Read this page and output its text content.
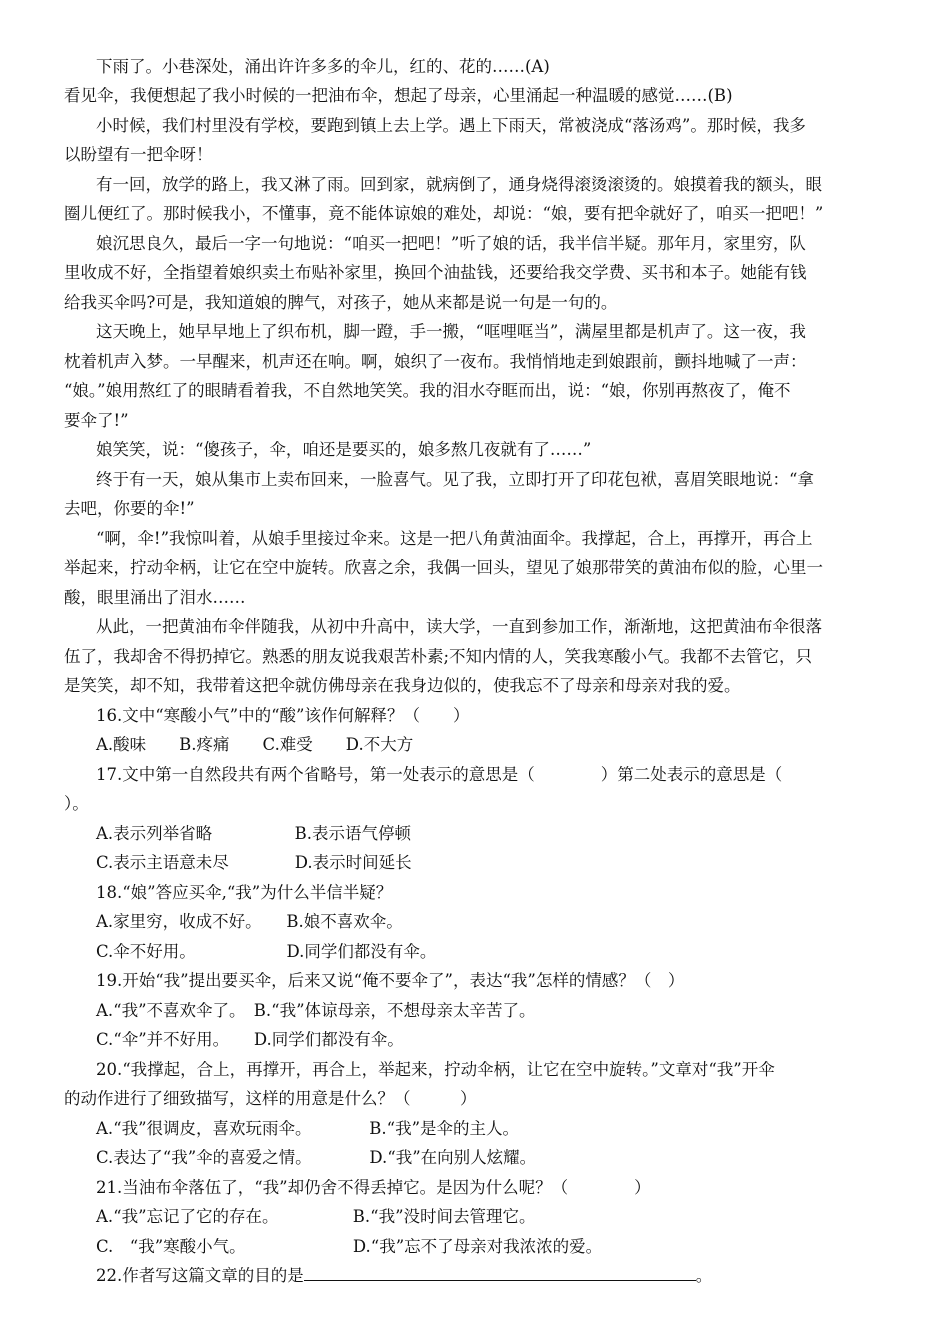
下雨了。小巷深处，涌出许许多多的伞儿，红的、花的……(A)
看见伞，我便想起了我小时候的一把油布伞，想起了母亲，心里涌起一种温暖的感觉……(B)
小时候，我们村里没有学校，要跑到镇上去上学。遇上下雨天，常被浇成“落汤鸡”。那时候，我多
以盼望有一把伞呀！
有一回，放学的路上，我又淋了雨。回到家，就病倒了，通身烧得滚烫滚烫的。娘摸着我的额头，眼
圈儿便红了。那时候我小，不懂事，竟不能体谅娘的难处，却说：“娘，要有把伞就好了，咱买一把吧！”
娘沉思良久，最后一字一句地说：“咱买一把吧！”听了娘的话，我半信半疑。那年月，家里穷，队
里收成不好，全指望着娘织卖土布贴补家里，换回个油盐钱，还要给我交学费、买书和本子。她能有钱
给我买伞吗?可是，我知道娘的脾气，对孩子，她从来都是说一句是一句的。
这天晚上，她早早地上了织布机，脚一蹬，手一搬，“哐哩哐当”，满屋里都是机声了。这一夜，我
枕着机声入梦。一早醒来，机声还在响。啊，娘织了一夜布。我悄悄地走到娘跟前，颤抖地喊了一声：
“娘。”娘用熬红了的眼睛看着我，不自然地笑笑。我的泪水夺眶而出，说：“娘，你别再熬夜了，俺不
要伞了!”
娘笑笑，说：“傻孩子，伞，咱还是要买的，娘多熬几夜就有了……”
终于有一天，娘从集市上卖布回来，一脸喜气。见了我，立即打开了印花包袱，喜眉笑眼地说：“拿
去吧，你要的伞!”
“啊，伞!”我惊叫着，从娘手里接过伞来。这是一把八角黄油面伞。我撑起，合上，再撑开，再合上
举起来，拧动伞柄，让它在空中旋转。欣喜之余，我偶一回头，望见了娘那带笑的黄油布似的脸，心里一
酸，眼里涌出了泪水……
从此，一把黄油布伞伴随我，从初中升高中，读大学，一直到参加工作，渐渐地，这把黄油布伞很落
伍了，我却舍不得扔掉它。熟悉的朋友说我艰苦朴素;不知内情的人，笑我寒酸小气。我都不去管它，只
是笑笑，却不知，我带着这把伞就仿佛母亲在我身边似的，使我忘不了母亲和母亲对我的爱。
16.文中“寒酸小气”中的“酸”该作何解释？（　　）
A.酸味　　B.疼痛　　C.难受　　D.不大方
17.文中第一自然段共有两个省略号，第一处表示的意思是（　　　　）第二处表示的意思是（
）。
A.表示列举省略　　　　　B.表示语气停顿
C.表示主语意未尽　　　　D.表示时间延长
18.“娘”答应买伞,“我”为什么半信半疑？
A.家里穷，收成不好。　　B.娘不喜欢伞。
C.伞不好用。　　　　　　D.同学们都没有伞。
19.开始“我”提出要买伞，后来又说“俺不要伞了”，表达“我”怎样的情感？（　）
A.“我”不喜欢伞了。　B.“我”体谅母亲，不想母亲太辛苦了。
C.“伞”并不好用。　　D.同学们都没有伞。
20.“我撑起，合上，再撑开，再合上，举起来，拧动伞柄，让它在空中旋转。”文章对“我”开伞
的动作进行了细致描写，这样的用意是什么？（　　　）
A.“我”很调皮，喜欢玩雨伞。　　　　B.“我”是伞的主人。
C.表达了“我”伞的喜爱之情。　　　　D.“我”在向别人炫耀。
21.当油布伞落伍了，“我”却仍舍不得丢掉它。是因为什么呢？（　　　　）
A.“我”忘记了它的存在。　　　　　B.“我”没时间去管理它。
C.　“我”寒酸小气。　　　　　　　D.“我”忘不了母亲对我浓浓的爱。
22.作者写这篇文章的目的是	。
